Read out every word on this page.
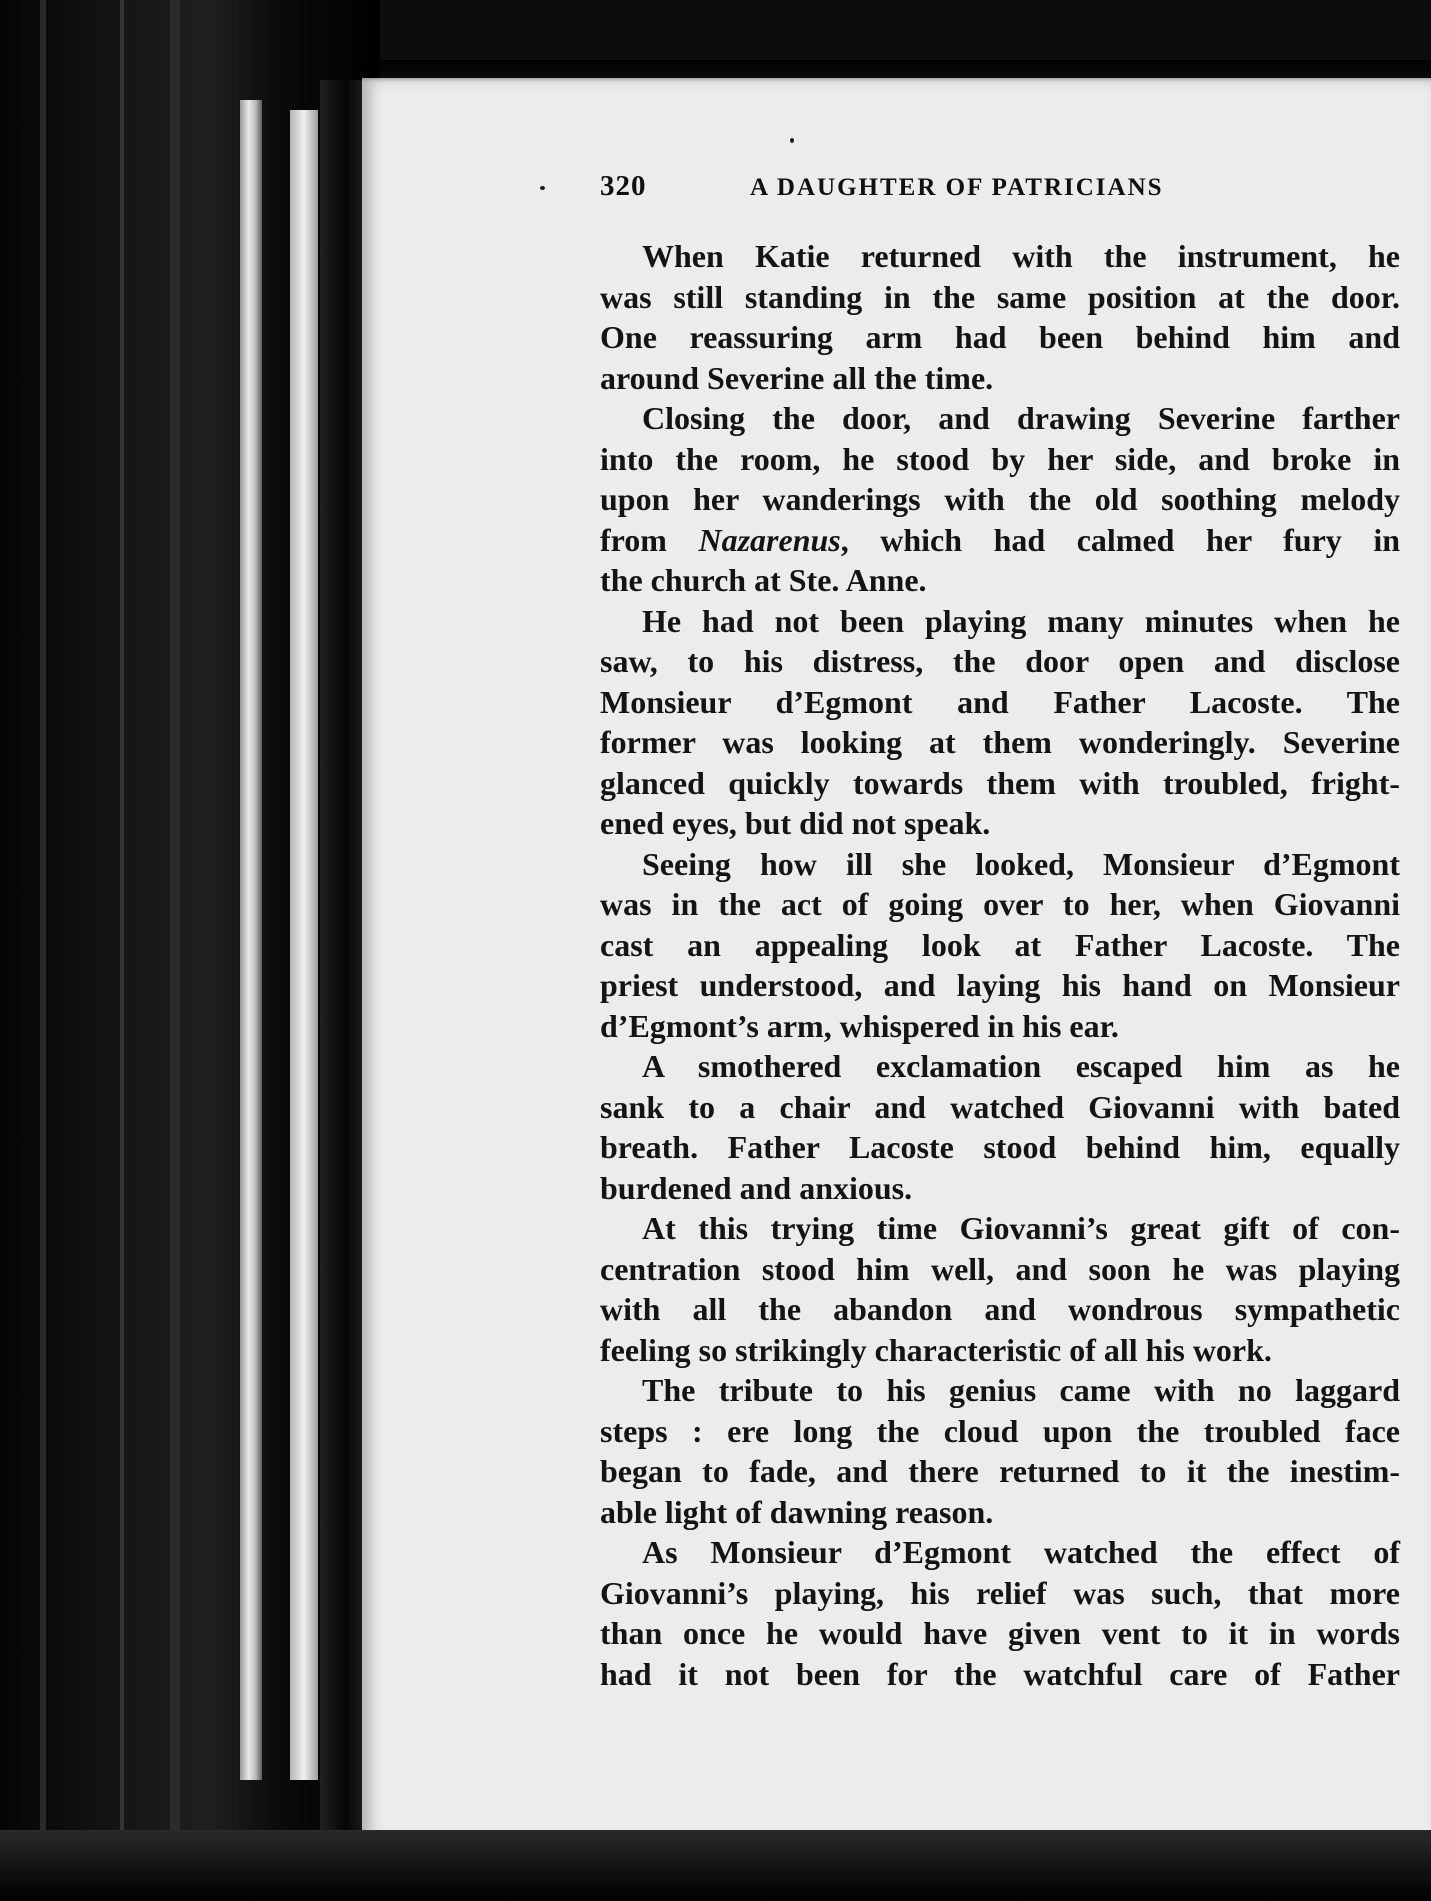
320	A DAUGHTER OF PATRICIANS

When Katie returned with the instrument, he
was still standing in the same position at the door.
One reassuring arm had been behind him and
around Severine all the time.

Closing the door, and drawing Severine farther
into the room, he stood by her side, and broke in
upon her wanderings with the old soothing melody
from Nazarenus, which had calmed her fury in
the church at Ste. Anne.

He had not been playing many minutes when he
saw, to his distress, the door open and disclose
Monsieur d’Egmont and Father Lacoste. The
former was looking at them wonderingly. Severine
glanced quickly towards them with troubled, fright-
ened eyes, but did not speak.

Seeing how ill she looked, Monsieur d’Egmont
was in the act of going over to her, when Giovanni
cast an appealing look at Father Lacoste. The
priest understood, and laying his hand on Monsieur
d’Egmont’s arm, whispered in his ear.

A smothered exclamation escaped him as he
sank to a chair and watched Giovanni with bated
breath. Father Lacoste stood behind him, equally
burdened and anxious.

At this trying time Giovanni’s great gift of con-
centration stood him well, and soon he was playing
with all the abandon and wondrous sympathetic
feeling so strikingly characteristic of all his work.

The tribute to his genius came with no laggard
steps : ere long the cloud upon the troubled face
began to fade, and there returned to it the inestim-
able light of dawning reason.

As Monsieur d’Egmont watched the effect of
Giovanni’s playing, his relief was such, that more
than once he would have given vent to it in words
had it not been for the watchful care of Father
